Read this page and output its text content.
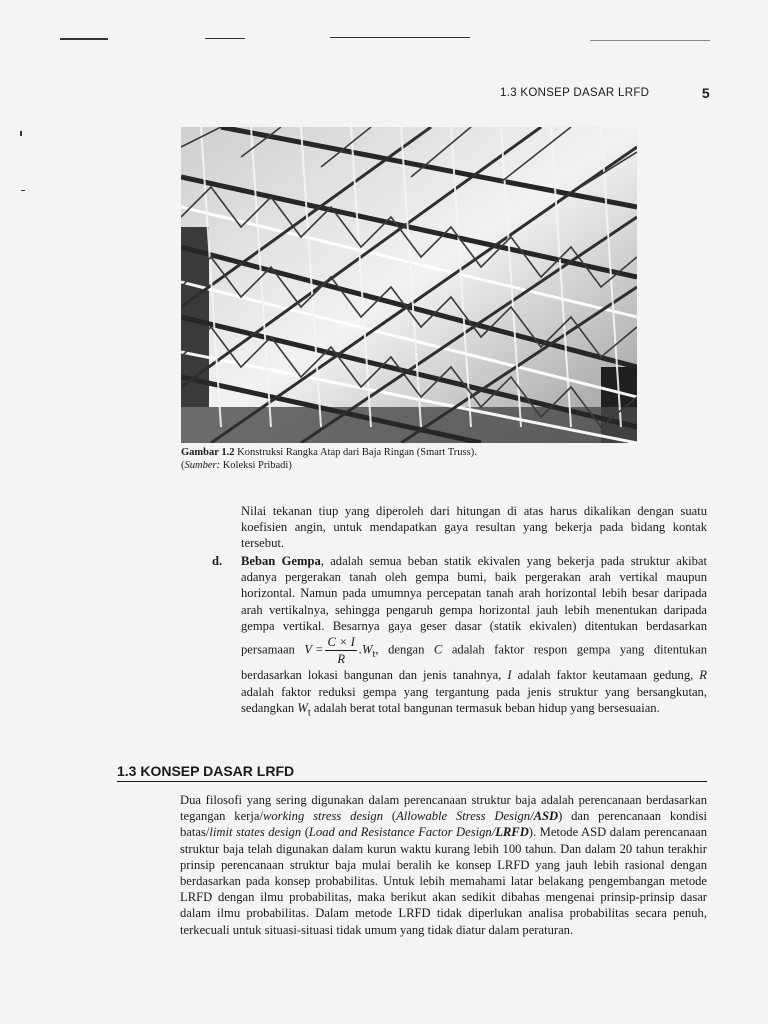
1.3 KONSEP DASAR LRFD	5
Gambar 1.2 Konstruksi Rangka Atap dari Baja Ringan (Smart Truss).
(Sumber: Koleksi Pribadi)
Nilai tekanan tiup yang diperoleh dari hitungan di atas harus dikalikan dengan suatu koefisien angin, untuk mendapatkan gaya resultan yang bekerja pada bidang kontak tersebut.
d. Beban Gempa, adalah semua beban statik ekivalen yang bekerja pada struktur akibat adanya pergerakan tanah oleh gempa bumi, baik pergerakan arah vertikal maupun horizontal. Namun pada umumnya percepatan tanah arah horizontal lebih besar daripada arah vertikalnya, sehingga pengaruh gempa horizontal jauh lebih menentukan daripada gempa vertikal. Besarnya gaya geser dasar (statik ekivalen) ditentukan berdasarkan persamaan $V = \frac{C \times I}{R} .W_t$, dengan C adalah faktor respon gempa yang ditentukan berdasarkan lokasi bangunan dan jenis tanahnya, I adalah faktor keutamaan gedung, R adalah faktor reduksi gempa yang tergantung pada jenis struktur yang bersangkutan, sedangkan $W_t$ adalah berat total bangunan termasuk beban hidup yang bersesuaian.
1.3 KONSEP DASAR LRFD
Dua filosofi yang sering digunakan dalam perencanaan struktur baja adalah perencanaan berdasarkan tegangan kerja/working stress design (Allowable Stress Design/ASD) dan perencanaan kondisi batas/limit states design (Load and Resistance Factor Design/LRFD). Metode ASD dalam perencanaan struktur baja telah digunakan dalam kurun waktu kurang lebih 100 tahun. Dan dalam 20 tahun terakhir prinsip perencanaan struktur baja mulai beralih ke konsep LRFD yang jauh lebih rasional dengan berdasarkan pada konsep probabilitas. Untuk lebih memahami latar belakang pengembangan metode LRFD dengan ilmu probabilitas, maka berikut akan sedikit dibahas mengenai prinsip-prinsip dasar dalam ilmu probabilitas. Dalam metode LRFD tidak diperlukan analisa probabilitas secara penuh, terkecuali untuk situasi-situasi tidak umum yang tidak diatur dalam peraturan.
